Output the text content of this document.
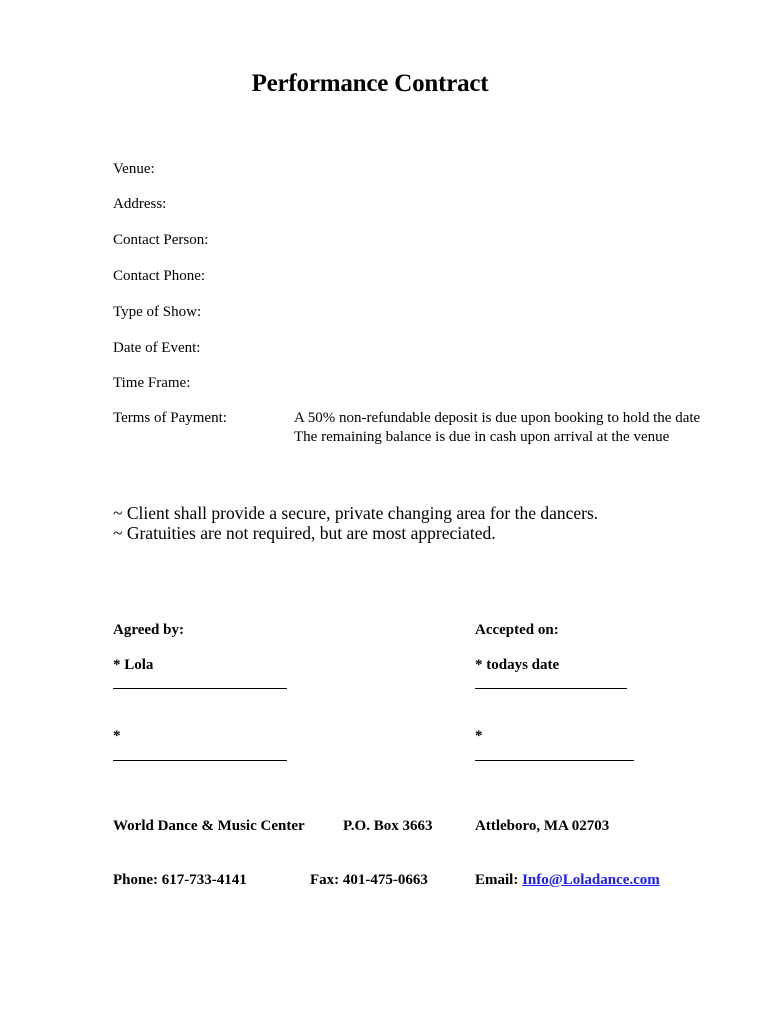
Performance Contract
Venue:
Address:
Contact Person:
Contact Phone:
Type of Show:
Date of Event:
Time Frame:
Terms of Payment:	A 50% non-refundable deposit is due upon booking to hold the date
The remaining balance is due in cash upon arrival at the venue
~ Client shall provide a secure, private changing area for the dancers.
~ Gratuities are not required, but are most appreciated.
Agreed by:	Accepted on:
* Lola	* todays date
*	*
World Dance & Music Center	P.O. Box 3663	Attleboro, MA 02703
Phone: 617-733-4141	Fax: 401-475-0663	Email: Info@Loladance.com
